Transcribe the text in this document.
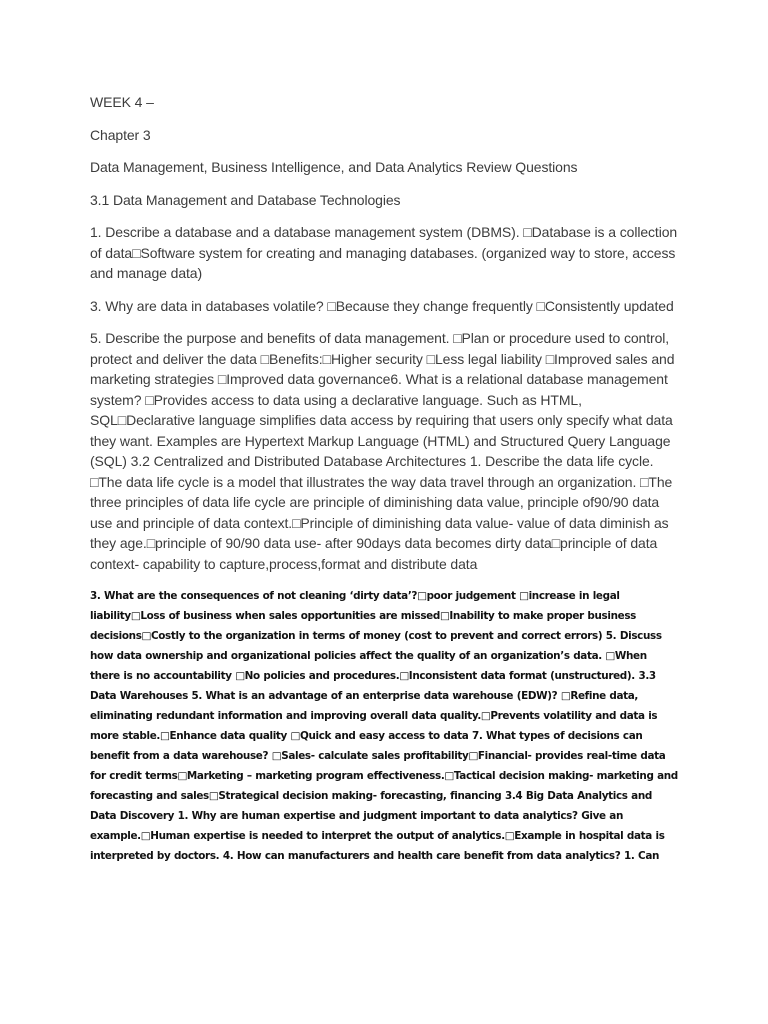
WEEK 4 –

Chapter 3

Data Management, Business Intelligence, and Data Analytics Review Questions

3.1 Data Management and Database Technologies

1. Describe a database and a database management system (DBMS). □Database is a collection of data□Software system for creating and managing databases. (organized way to store, access and manage data)

3. Why are data in databases volatile? □Because they change frequently □Consistently updated

5. Describe the purpose and benefits of data management. □Plan or procedure used to control, protect and deliver the data □Benefits:□Higher security □Less legal liability □Improved sales and marketing strategies □Improved data governance6. What is a relational database management system? □Provides access to data using a declarative language. Such as HTML, SQL□Declarative language simplifies data access by requiring that users only specify what data they want. Examples are Hypertext Markup Language (HTML) and Structured Query Language (SQL) 3.2 Centralized and Distributed Database Architectures 1. Describe the data life cycle. □The data life cycle is a model that illustrates the way data travel through an organization. □The three principles of data life cycle are principle of diminishing data value, principle of90/90 data use and principle of data context.□Principle of diminishing data value- value of data diminish as they age.□principle of 90/90 data use- after 90days data becomes dirty data□principle of data context- capability to capture,process,format and distribute data

3. What are the consequences of not cleaning ‘dirty data’?□poor judgement □increase in legal liability□Loss of business when sales opportunities are missed□Inability to make proper business decisions□Costly to the organization in terms of money (cost to prevent and correct errors) 5. Discuss how data ownership and organizational policies affect the quality of an organization’s data. □When there is no accountability □No policies and procedures.□Inconsistent data format (unstructured). 3.3 Data Warehouses 5. What is an advantage of an enterprise data warehouse (EDW)? □Refine data, eliminating redundant information and improving overall data quality.□Prevents volatility and data is more stable.□Enhance data quality □Quick and easy access to data 7. What types of decisions can benefit from a data warehouse? □Sales- calculate sales profitability□Financial- provides real-time data for credit terms□Marketing – marketing program effectiveness.□Tactical decision making- marketing and forecasting and sales□Strategical decision making- forecasting, financing 3.4 Big Data Analytics and Data Discovery 1. Why are human expertise and judgment important to data analytics? Give an example.□Human expertise is needed to interpret the output of analytics.□Example in hospital data is interpreted by doctors. 4. How can manufacturers and health care benefit from data analytics? 1. Can
